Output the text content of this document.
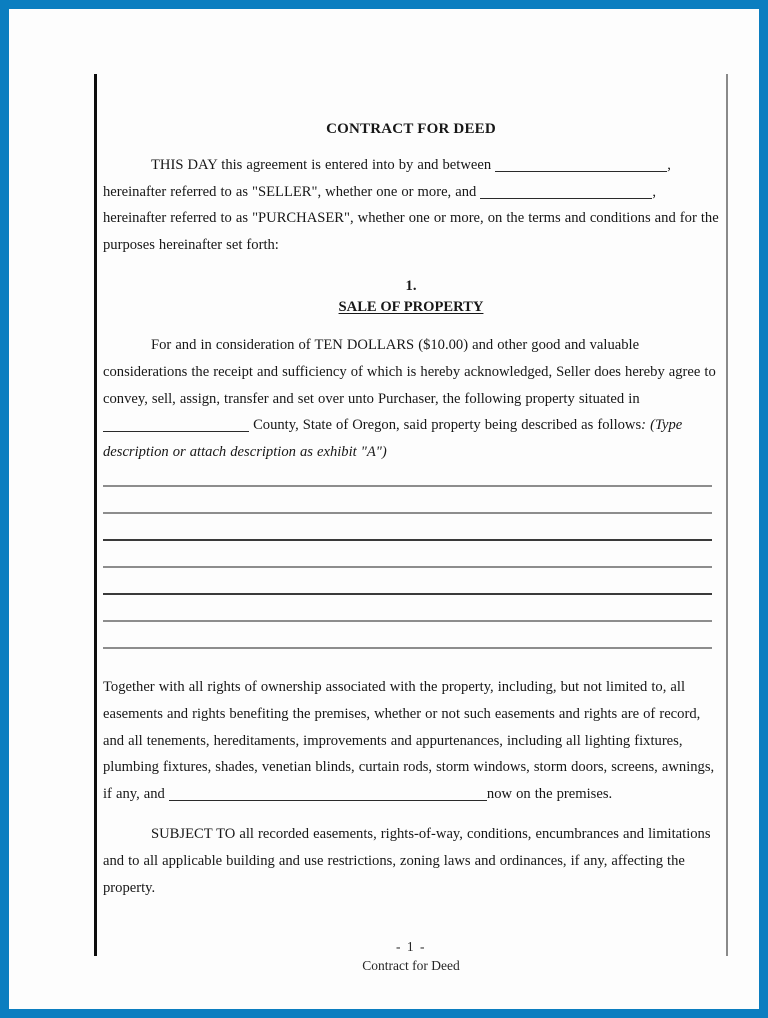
CONTRACT FOR DEED

THIS DAY this agreement is entered into by and between	, hereinafter referred to as "SELLER", whether one or more, and	, hereinafter referred to as "PURCHASER", whether one or more, on the terms and conditions and for the purposes hereinafter set forth:

1.
SALE OF PROPERTY

For and in consideration of TEN DOLLARS ($10.00) and other good and valuable considerations the receipt and sufficiency of which is hereby acknowledged, Seller does hereby agree to convey, sell, assign, transfer and set over unto Purchaser, the following property situated in  County, State of Oregon, said property being described as follows: (Type description or attach description as exhibit "A")

Together with all rights of ownership associated with the property, including, but not limited to, all easements and rights benefiting the premises, whether or not such easements and rights are of record, and all tenements, hereditaments, improvements and appurtenances, including all lighting fixtures, plumbing fixtures, shades, venetian blinds, curtain rods, storm windows, storm doors, screens, awnings, if any, and	now on the premises.

SUBJECT TO all recorded easements, rights-of-way, conditions, encumbrances and limitations and to all applicable building and use restrictions, zoning laws and ordinances, if any, affecting the property.

- 1 -
Contract for Deed
